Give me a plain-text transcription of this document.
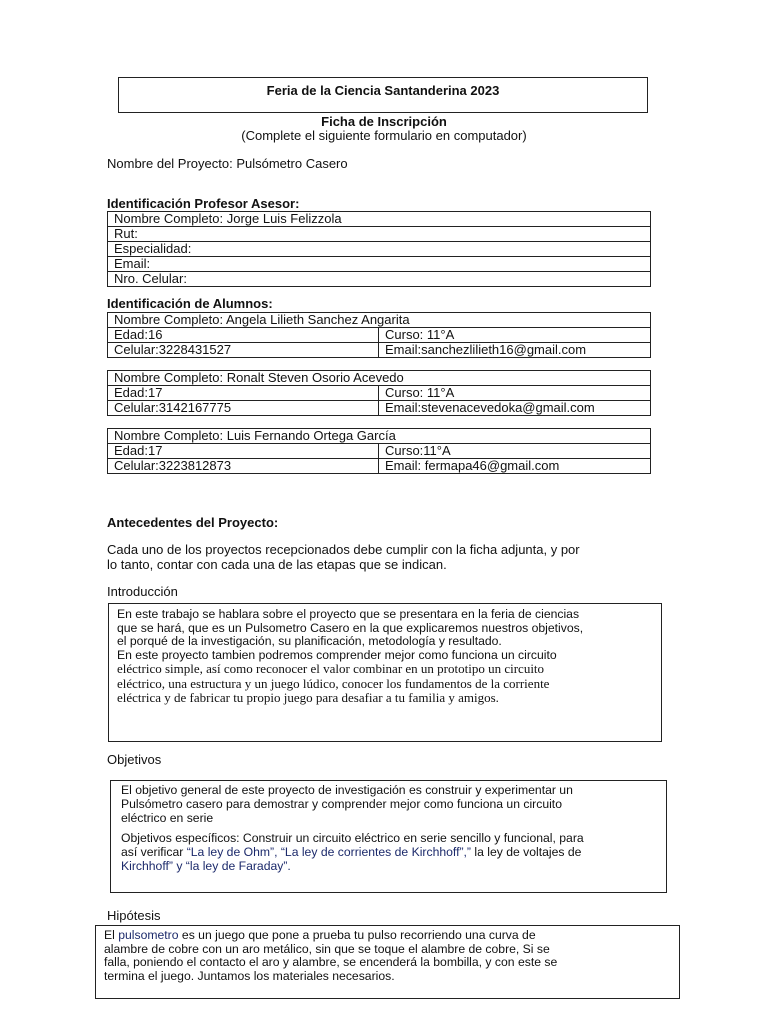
Feria de la Ciencia Santanderina 2023
Ficha de Inscripción
(Complete el siguiente formulario en computador)
Nombre del Proyecto: Pulsómetro Casero
Identificación Profesor Asesor:
Nombre Completo: Jorge Luis Felizzola
Rut:
Especialidad:
Email:
Nro. Celular:
Identificación de Alumnos:
Nombre Completo: Angela Lilieth Sanchez Angarita	
Edad:16	Curso: 11°A
Celular:3228431527	Email:sanchezlilieth16@gmail.com
Nombre Completo: Ronalt Steven Osorio Acevedo	
Edad:17	Curso: 11°A
Celular:3142167775	Email:stevenacevedoka@gmail.com
Nombre Completo: Luis Fernando Ortega García	
Edad:17	Curso:11°A
Celular:3223812873	Email: fermapa46@gmail.com
Antecedentes del Proyecto:
Cada uno de los proyectos recepcionados debe cumplir con la ficha adjunta, y por
lo tanto, contar con cada una de las etapas que se indican.
Introducción
En este trabajo se hablara sobre el proyecto que se presentara en la feria de ciencias
que se hará, que es un Pulsometro Casero en la que explicaremos nuestros objetivos,
el porqué de la investigación, su planificación, metodología y resultado.
En este proyecto tambien podremos comprender mejor como funciona un circuito
eléctrico simple, así como reconocer el valor combinar en un prototipo un circuito
eléctrico, una estructura y un juego lúdico, conocer los fundamentos de la corriente
eléctrica y de fabricar tu propio juego para desafiar a tu familia y amigos.
Objetivos
El objetivo general de este proyecto de investigación es construir y experimentar un
Pulsómetro casero para demostrar y comprender mejor como funciona un circuito
eléctrico en serie
Objetivos específicos: Construir un circuito eléctrico en serie sencillo y funcional, para
así verificar “La ley de Ohm”, “La ley de corrientes de Kirchhoff”,” la ley de voltajes de
Kirchhoff” y “la ley de Faraday”.
Hipótesis
El pulsometro es un juego que pone a prueba tu pulso recorriendo una curva de
alambre de cobre con un aro metálico, sin que se toque el alambre de cobre, Si se
falla, poniendo el contacto el aro y alambre, se encenderá la bombilla, y con este se
termina el juego. Juntamos los materiales necesarios.
